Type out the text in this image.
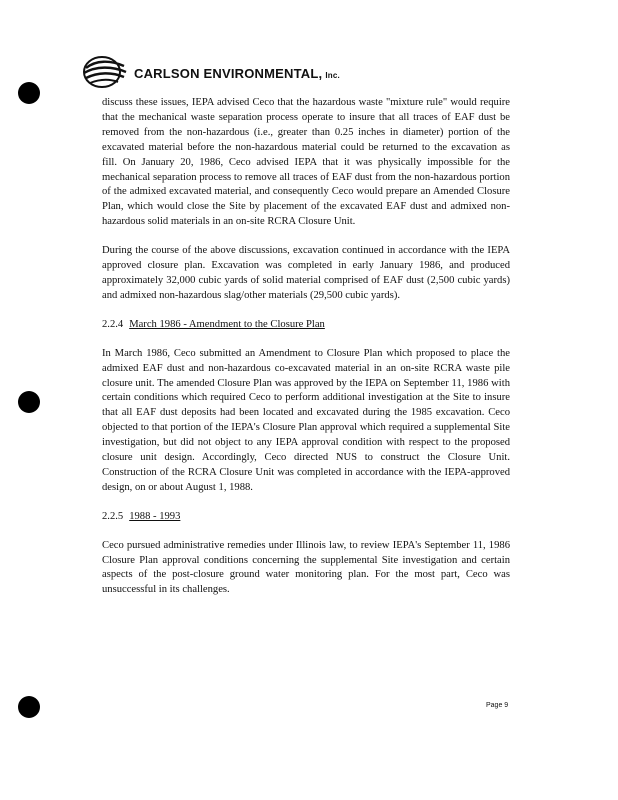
CARLSON ENVIRONMENTAL, Inc.

discuss these issues, IEPA advised Ceco that the hazardous waste "mixture rule" would require that the mechanical waste separation process operate to insure that all traces of EAF dust be removed from the non-hazardous (i.e., greater than 0.25 inches in diameter) portion of the excavated material before the non-hazardous material could be returned to the excavation as fill. On January 20, 1986, Ceco advised IEPA that it was physically impossible for the mechanical separation process to remove all traces of EAF dust from the non-hazardous portion of the admixed excavated material, and consequently Ceco would prepare an Amended Closure Plan, which would close the Site by placement of the excavated EAF dust and admixed non-hazardous solid materials in an on-site RCRA Closure Unit.

During the course of the above discussions, excavation continued in accordance with the IEPA approved closure plan. Excavation was completed in early January 1986, and produced approximately 32,000 cubic yards of solid material comprised of EAF dust (2,500 cubic yards) and admixed non-hazardous slag/other materials (29,500 cubic yards).

2.2.4 March 1986 - Amendment to the Closure Plan

In March 1986, Ceco submitted an Amendment to Closure Plan which proposed to place the admixed EAF dust and non-hazardous co-excavated material in an on-site RCRA waste pile closure unit. The amended Closure Plan was approved by the IEPA on September 11, 1986 with certain conditions which required Ceco to perform additional investigation at the Site to insure that all EAF dust deposits had been located and excavated during the 1985 excavation. Ceco objected to that portion of the IEPA's Closure Plan approval which required a supplemental Site investigation, but did not object to any IEPA approval condition with respect to the proposed closure unit design. Accordingly, Ceco directed NUS to construct the Closure Unit. Construction of the RCRA Closure Unit was completed in accordance with the IEPA-approved design, on or about August 1, 1988.

2.2.5 1988 - 1993

Ceco pursued administrative remedies under Illinois law, to review IEPA's September 11, 1986 Closure Plan approval conditions concerning the supplemental Site investigation and certain aspects of the post-closure ground water monitoring plan. For the most part, Ceco was unsuccessful in its challenges.

Page 9
